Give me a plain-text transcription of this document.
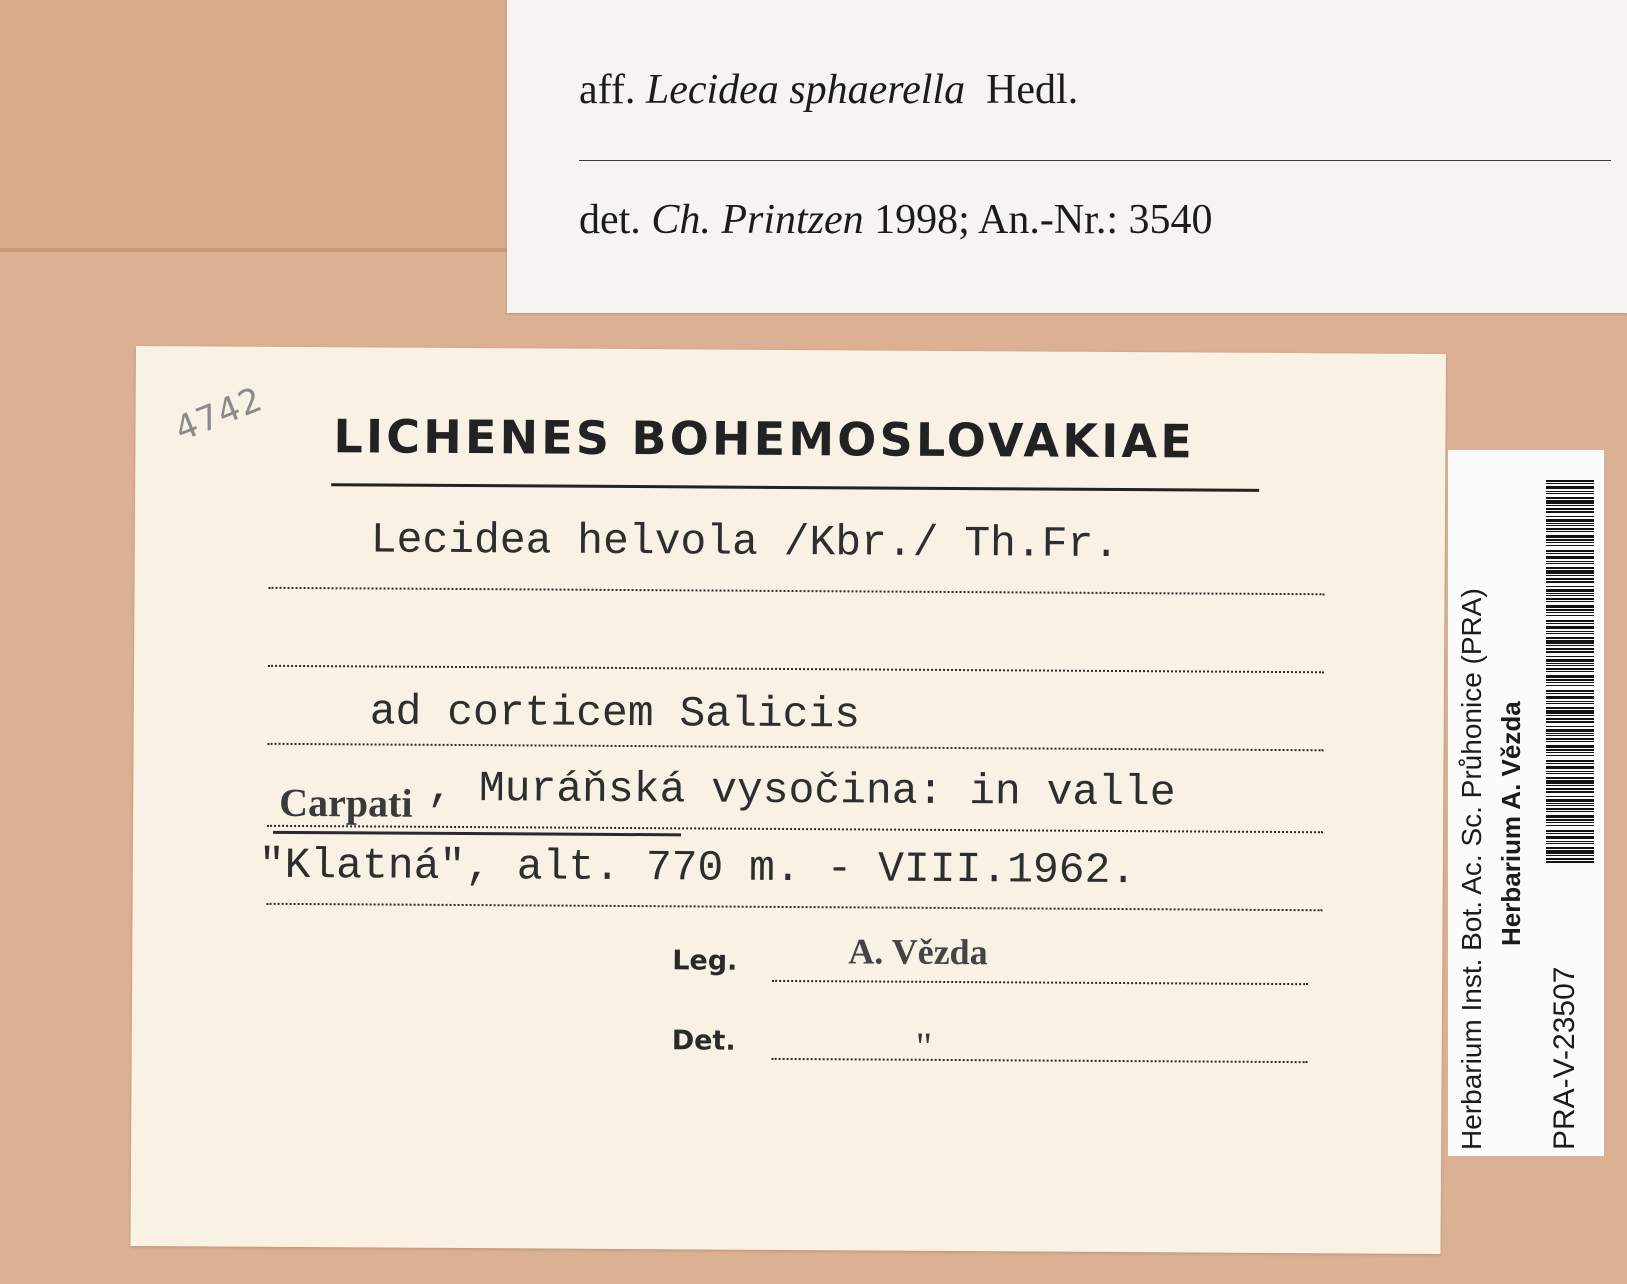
aff. Lecidea sphaerella Hedl.
det. Ch. Printzen 1998; An.-Nr.: 3540
4742 LICHENES BOHEMOSLOVAKIAE
Lecidea helvola /Kbr./ Th.Fr.
ad corticem Salicis
Carpati , Muráňská vysočina: in valle
"Klatná", alt. 770 m. - VIII.1962.
A. Vězda
Leg.
"
Det.	Herbarium Inst. Bot. Ac. Sc. Průhonice (PRA) Herbarium A. Vězda
PRA-V-23507
